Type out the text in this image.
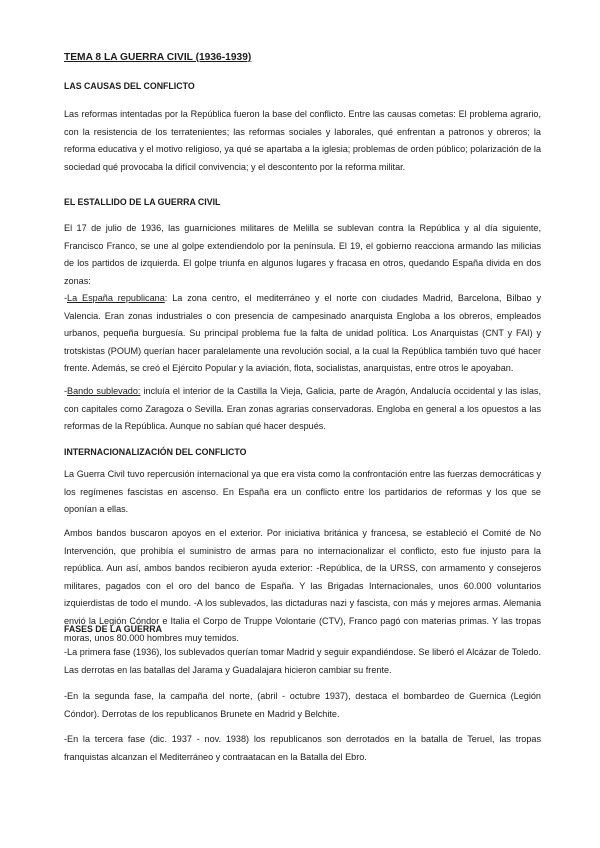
TEMA 8 LA GUERRA CIVIL (1936-1939)
LAS CAUSAS DEL CONFLICTO

Las reformas intentadas por la República fueron la base del conflicto. Entre las causas cometas: El problema agrario, con la resistencia de los terratenientes; las reformas sociales y laborales, qué enfrentan a patronos y obreros; la reforma educativa y el motivo religioso, ya qué se apartaba a la iglesia; problemas de orden público; polarización de la sociedad qué provocaba la difícil convivencia; y el descontento por la reforma militar.

EL ESTALLIDO DE LA GUERRA CIVIL

El 17 de julio de 1936, las guarniciones militares de Melilla se sublevan contra la República y al día siguiente, Francisco Franco, se une al golpe extendiendolo por la península. El 19, el gobierno reacciona armando las milicias de los partidos de izquierda. El golpe triunfa en algunos lugares y fracasa en otros, quedando España divida en dos zonas:
-La España republicana: La zona centro, el mediterráneo y el norte con ciudades Madrid, Barcelona, Bilbao y Valencia. Eran zonas industriales o con presencia de campesinado anarquista Engloba a los obreros, empleados urbanos, pequeña burguesía. Su principal problema fue la falta de unidad política. Los Anarquistas (CNT y FAI) y trotskistas (POUM) querían hacer paralelamente una revolución social, a la cual la República también tuvo qué hacer frente. Además, se creó el Ejército Popular y la aviación, flota, socialistas, anarquistas, entre otros le apoyaban.

-Bando sublevado: incluía el interior de la Castilla la Vieja, Galicia, parte de Aragón, Andalucía occidental y las islas, con capitales como Zaragoza o Sevilla. Eran zonas agrarias conservadoras. Engloba en general a los opuestos a las reformas de la República. Aunque no sabían qué hacer después.

INTERNACIONALIZACIÓN DEL CONFLICTO

La Guerra Civil tuvo repercusión internacional ya que era vista como la confrontación entre las fuerzas democráticas y los regímenes fascistas en ascenso. En España era un conflicto entre los partidarios de reformas y los que se oponían a ellas.

Ambos bandos buscaron apoyos en el exterior. Por iniciativa británica y francesa, se estableció el Comité de No Intervención, que prohibía el suministro de armas para no internacionalizar el conflicto, esto fue injusto para la república. Aun así, ambos bandos recibieron ayuda exterior: -República, de la URSS, con armamento y consejeros militares, pagados con el oro del banco de España. Y las Brigadas Internacionales, unos 60.000 voluntarios izquierdistas de todo el mundo. -A los sublevados, las dictaduras nazi y fascista, con más y mejores armas. Alemania envió la Legión Cóndor e Italia el Corpo de Truppe Volontarie (CTV), Franco pagó con materias primas. Y las tropas moras, unos 80.000 hombres muy temidos.

FASES DE LA GUERRA

-La primera fase (1936), los sublevados querían tomar Madrid y seguir expandiéndose. Se liberó el Alcázar de Toledo. Las derrotas en las batallas del Jarama y Guadalajara hicieron cambiar su frente.

-En la segunda fase, la campaña del norte, (abril - octubre 1937), destaca el bombardeo de Guernica (Legión Cóndor). Derrotas de los republicanos Brunete en Madrid y Belchite.

-En la tercera fase (dic. 1937 - nov. 1938) los republicanos son derrotados en la batalla de Teruel, las tropas franquistas alcanzan el Mediterráneo y contraatacan en la Batalla del Ebro.
